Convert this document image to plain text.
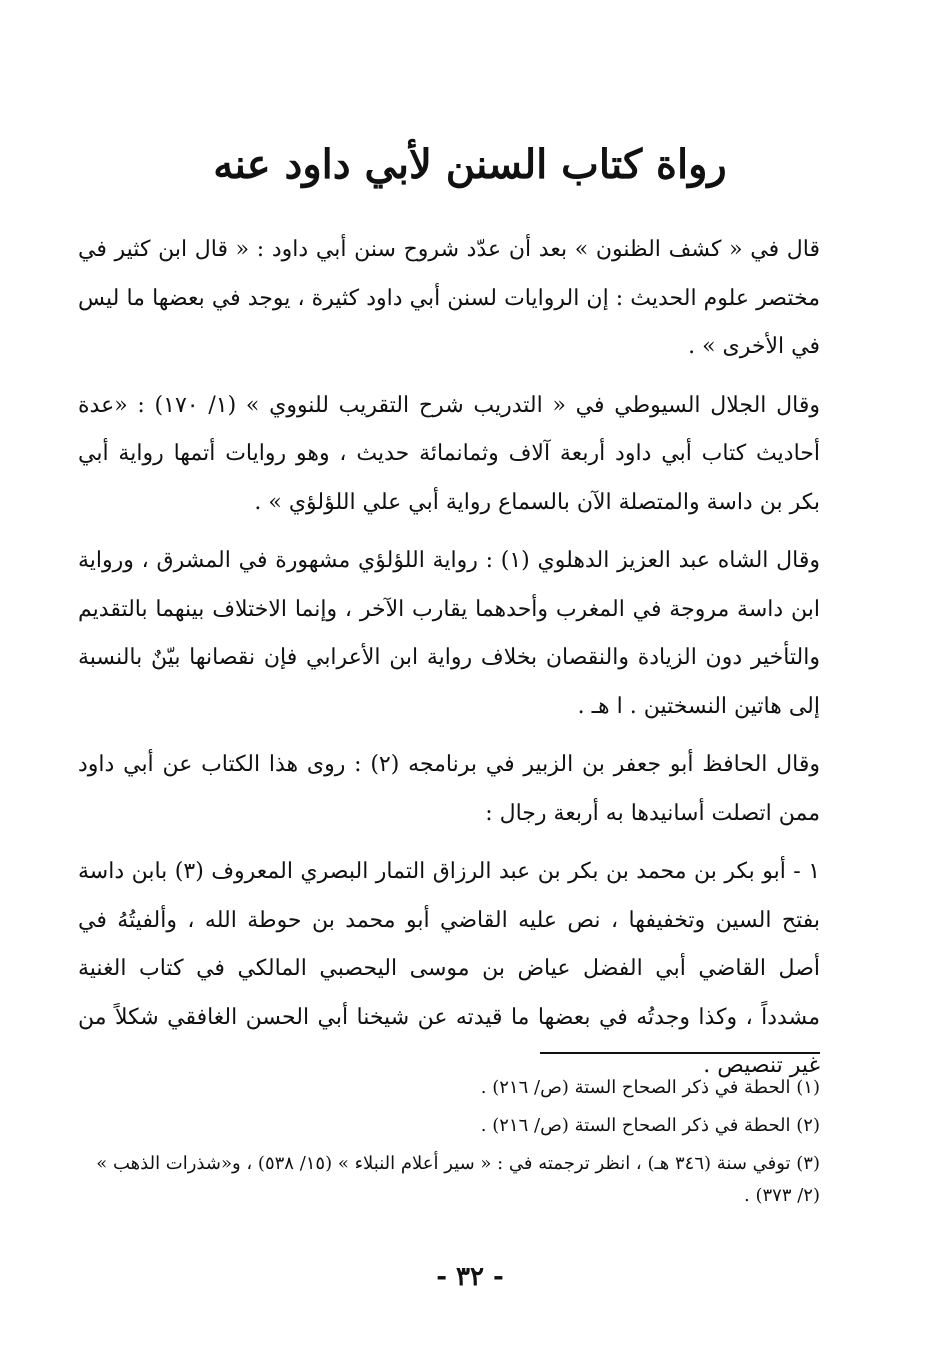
رواة كتاب السنن لأبي داود عنه

قال في « كشف الظنون » بعد أن عدّد شروح سنن أبي داود : « قال ابن كثير في مختصر علوم الحديث : إن الروايات لسنن أبي داود كثيرة ، يوجد في بعضها ما ليس في الأخرى » .

وقال الجلال السيوطي في « التدريب شرح التقريب للنووي » (١/ ١٧٠) : «عدة أحاديث كتاب أبي داود أربعة آلاف وثمانمائة حديث ، وهو روايات أتمها رواية أبي بكر بن داسة والمتصلة الآن بالسماع رواية أبي علي اللؤلؤي » .

وقال الشاه عبد العزيز الدهلوي (١) : رواية اللؤلؤي مشهورة في المشرق ، ورواية ابن داسة مروجة في المغرب وأحدهما يقارب الآخر ، وإنما الاختلاف بينهما بالتقديم والتأخير دون الزيادة والنقصان بخلاف رواية ابن الأعرابي فإن نقصانها بيّنٌ بالنسبة إلى هاتين النسختين . ا هـ .

وقال الحافظ أبو جعفر بن الزبير في برنامجه (٢) : روى هذا الكتاب عن أبي داود ممن اتصلت أسانيدها به أربعة رجال :

١ - أبو بكر بن محمد بن بكر بن عبد الرزاق التمار البصري المعروف (٣) بابن داسة بفتح السين وتخفيفها ، نص عليه القاضي أبو محمد بن حوطة الله ، وألفيتُهُ في أصل القاضي أبي الفضل عياض بن موسى اليحصبي المالكي في كتاب الغنية مشدداً ، وكذا وجدتُه في بعضها ما قيدته عن شيخنا أبي الحسن الغافقي شكلاً من غير تنصيص .

(١) الحطة في ذكر الصحاح الستة (ص/ ٢١٦) .

(٢) الحطة في ذكر الصحاح الستة (ص/ ٢١٦) .

(٣) توفي سنة (٣٤٦ هـ) ، انظر ترجمته في : « سير أعلام النبلاء » (١٥/ ٥٣٨) ، و«شذرات الذهب » (٢/ ٣٧٣) .

- ٣٢ -
